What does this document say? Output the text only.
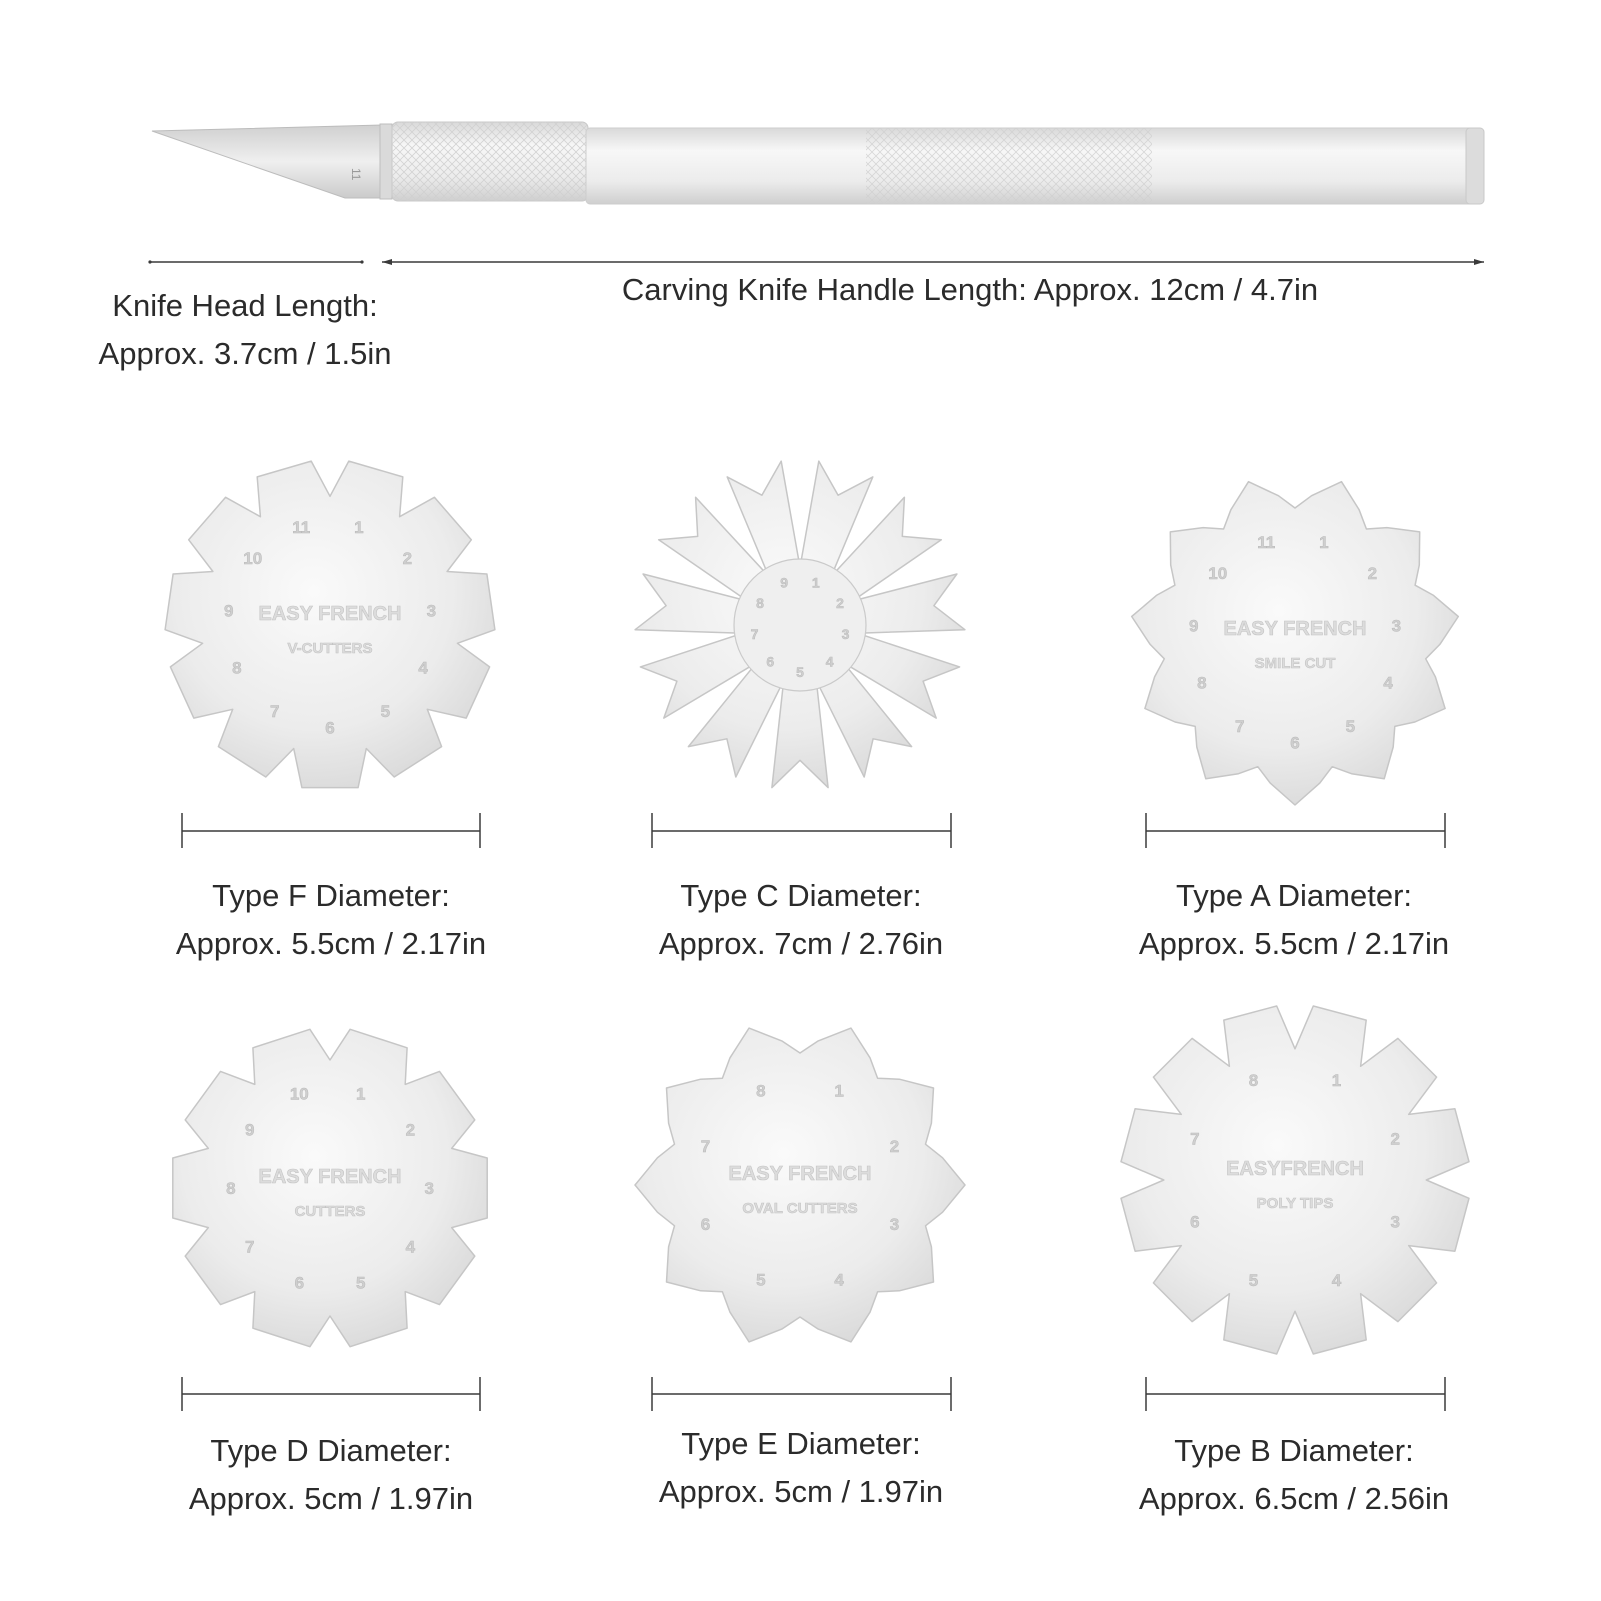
11
Knife Head Length:
Approx. 3.7cm / 1.5in
Carving Knife Handle Length: Approx. 12cm / 4.7in
EASY FRENCH
V-CUTTERS
1
2
3
4
5
6
7
8
9
10
11
1
2
3
4
5
6
7
8
9
EASY FRENCH
SMILE CUT
1
2
3
4
5
6
7
8
9
10
11
EASY FRENCH
CUTTERS
1
2
3
4
5
6
7
8
9
10
EASY FRENCH
OVAL CUTTERS
1
2
3
4
5
6
7
8
EASYFRENCH
POLY TIPS
1
2
3
4
5
6
7
8
Type F Diameter:
Approx. 5.5cm / 2.17in
Type C Diameter:
Approx. 7cm / 2.76in
Type A Diameter:
Approx. 5.5cm / 2.17in
Type D Diameter:
Approx. 5cm / 1.97in
Type E Diameter:
Approx. 5cm / 1.97in
Type B Diameter:
Approx. 6.5cm / 2.56in
